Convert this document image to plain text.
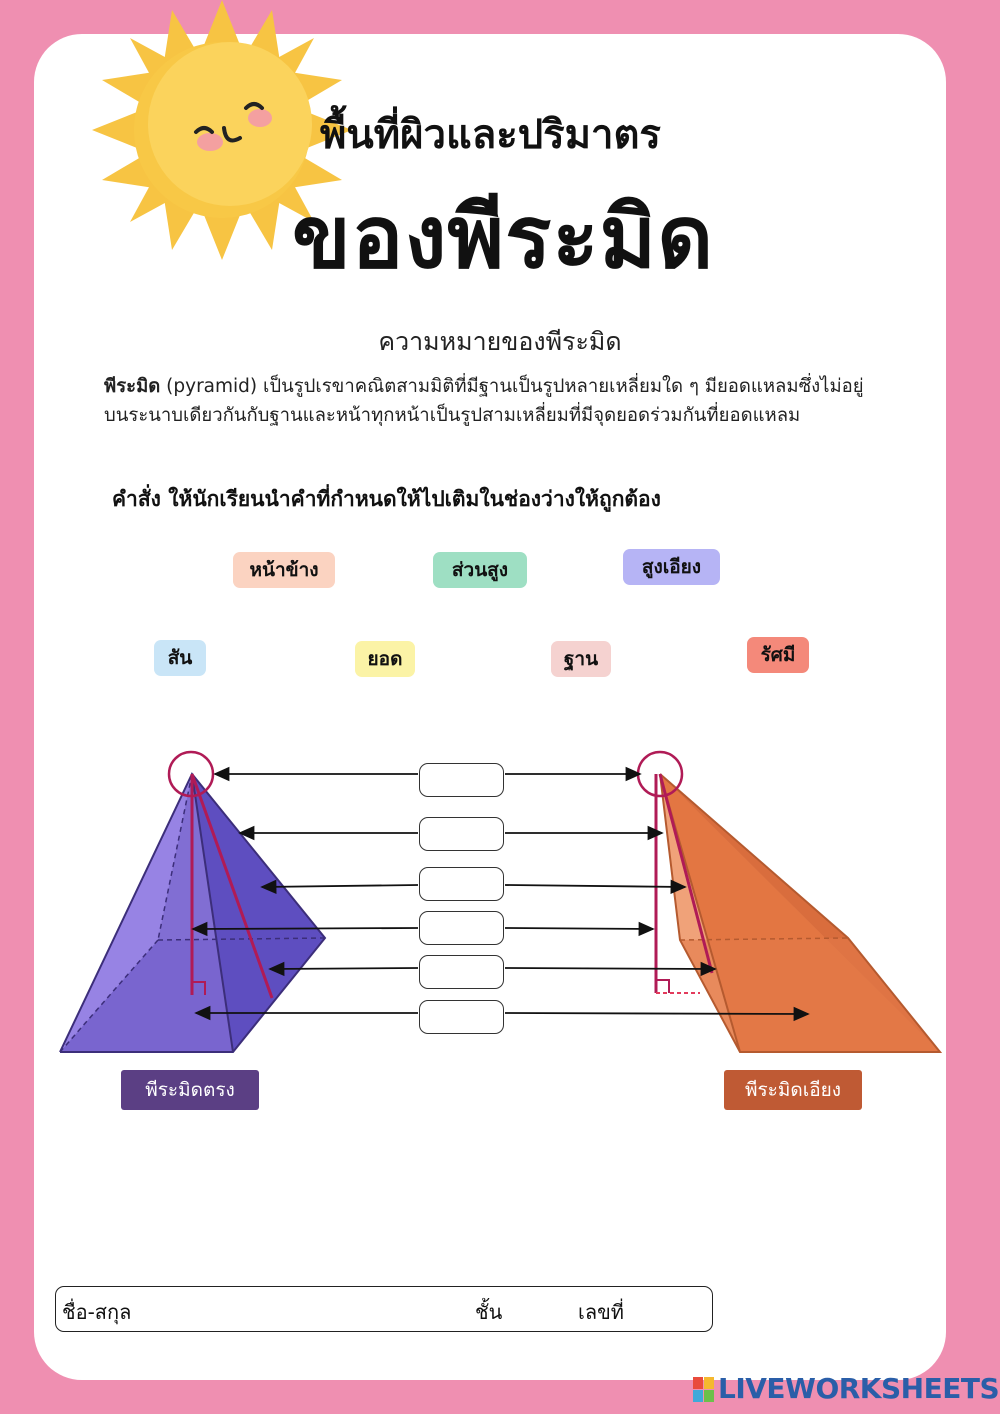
พื้นที่ผิวและปริมาตร
ของพีระมิด
ความหมายของพีระมิด
พีระมิด (pyramid) เป็นรูปเรขาคณิตสามมิติที่มีฐานเป็นรูปหลายเหลี่ยมใด ๆ มียอดแหลมซึ่งไม่อยู่บนระนาบเดียวกันกับฐานและหน้าทุกหน้าเป็นรูปสามเหลี่ยมที่มีจุดยอดร่วมกันที่ยอดแหลม
คำสั่ง ให้นักเรียนนำคำที่กำหนดให้ไปเติมในช่องว่างให้ถูกต้อง
หน้าข้าง	ส่วนสูง	สูงเอียง
สัน	ยอด	ฐาน	รัศมี
พีระมิดตรง	พีระมิดเอียง
ชื่อ-สกุล	ชั้น	เลขที่
LIVEWORKSHEETS
